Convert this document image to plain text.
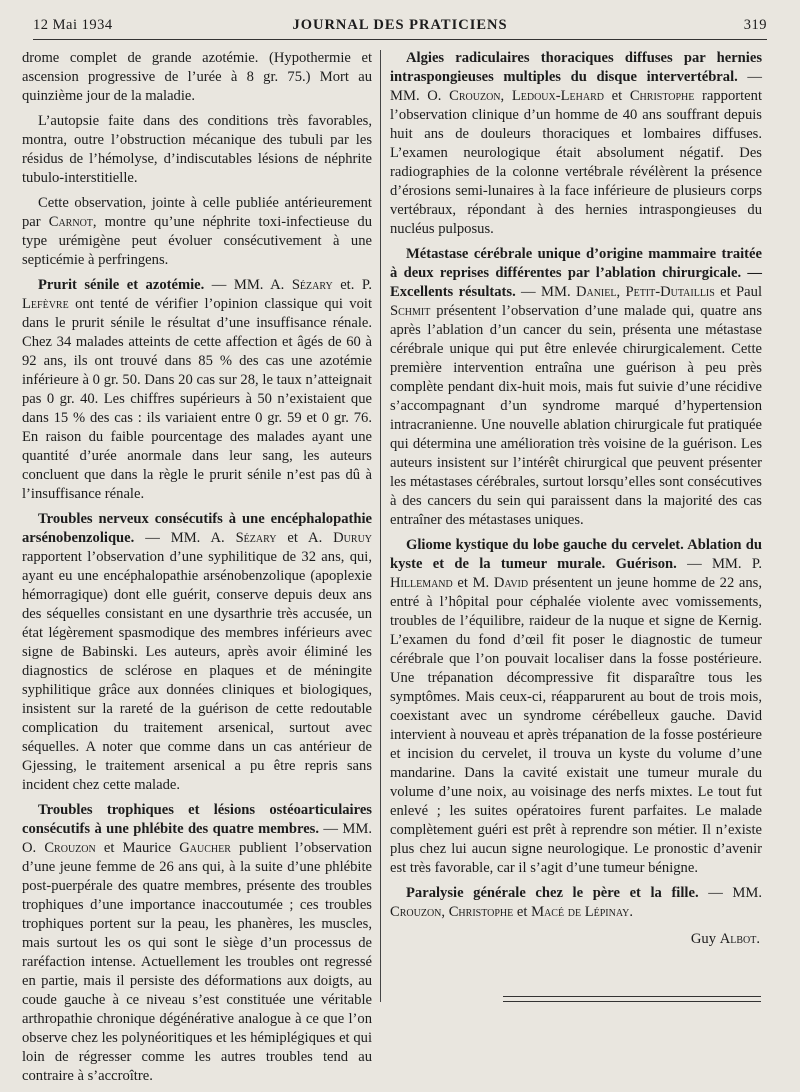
12 Mai 1934	JOURNAL DES PRATICIENS	319

drome complet de grande azotémie. (Hypothermie et ascension progressive de l’urée à 8 gr. 75.) Mort au quinzième jour de la maladie.

L’autopsie faite dans des conditions très favorables, montra, outre l’obstruction mécanique des tubuli par les résidus de l’hémolyse, d’indiscutables lésions de néphrite tubulo-interstitielle.

Cette observation, jointe à celle publiée antérieurement par Carnot, montre qu’une néphrite toxi-infectieuse du type urémigène peut évoluer consécutivement à une septicémie à perfringens.

Prurit sénile et azotémie. — MM. A. Sézary et. P. Lefèvre ont tenté de vérifier l’opinion classique qui voit dans le prurit sénile le résultat d’une insuffisance rénale. Chez 34 malades atteints de cette affection et âgés de 60 à 92 ans, ils ont trouvé dans 85 % des cas une azotémie inférieure à 0 gr. 50. Dans 20 cas sur 28, le taux n’atteignait pas 0 gr. 40. Les chiffres supérieurs à 50 n’existaient que dans 15 % des cas : ils variaient entre 0 gr. 59 et 0 gr. 76. En raison du faible pourcentage des malades ayant une quantité d’urée anormale dans leur sang, les auteurs concluent que dans la règle le prurit sénile n’est pas dû à l’insuffisance rénale.

Troubles nerveux consécutifs à une encéphalopathie arsénobenzolique. — MM. A. Sézary et A. Duruy rapportent l’observation d’une syphilitique de 32 ans, qui, ayant eu une encéphalopathie arsénobenzolique (apoplexie hémorragique) dont elle guérit, conserve depuis deux ans des séquelles consistant en une dysarthrie très accusée, un état légèrement spasmodique des membres inférieurs avec signe de Babinski. Les auteurs, après avoir éliminé les diagnostics de sclérose en plaques et de méningite syphilitique grâce aux données cliniques et biologiques, insistent sur la rareté de la guérison de cette redoutable complication du traitement arsenical, surtout avec séquelles. A noter que comme dans un cas antérieur de Gjessing, le traitement arsenical a pu être repris sans incident chez cette malade.

Troubles trophiques et lésions ostéoarticulaires consécutifs à une phlébite des quatre membres. — MM. O. Crouzon et Maurice Gaucher publient l’observation d’une jeune femme de 26 ans qui, à la suite d’une phlébite post-puerpérale des quatre membres, présente des troubles trophiques d’une importance inaccoutumée ; ces troubles trophiques portent sur la peau, les phanères, les muscles, mais surtout les os qui sont le siège d’un processus de raréfaction intense. Actuellement les troubles ont regressé en partie, mais il persiste des déformations aux doigts, au coude gauche à ce niveau s’est constituée une véritable arthropathie chronique dégénérative analogue à ce que l’on observe chez les polynéoritiques et les hémiplégiques et qui loin de régresser comme les autres troubles tend au contraire à s’accroître.

Algies radiculaires thoraciques diffuses par hernies intraspongieuses multiples du disque intervertébral. — MM. O. Crouzon, Ledoux-Lehard et Christophe rapportent l’observation clinique d’un homme de 40 ans souffrant depuis huit ans de douleurs thoraciques et lombaires diffuses. L’examen neurologique était absolument négatif. Des radiographies de la colonne vertébrale révélèrent la présence d’érosions semi-lunaires à la face inférieure de plusieurs corps vertébraux, répondant à des hernies intraspongieuses du nucléus pulposus.

Métastase cérébrale unique d’origine mammaire traitée à deux reprises différentes par l’ablation chirurgicale. — Excellents résultats. — MM. Daniel, Petit-Dutaillis et Paul Schmit présentent l’observation d’une malade qui, quatre ans après l’ablation d’un cancer du sein, présenta une métastase cérébrale unique qui put être enlevée chirurgicalement. Cette première intervention entraîna une guérison à peu près complète pendant dix-huit mois, mais fut suivie d’une récidive s’accompagnant d’un syndrome marqué d’hypertension intracranienne. Une nouvelle ablation chirurgicale fut pratiquée qui détermina une amélioration très voisine de la guérison. Les auteurs insistent sur l’intérêt chirurgical que peuvent présenter les métastases cérébrales, surtout lorsqu’elles sont consécutives à des cancers du sein qui paraissent dans la majorité des cas entraîner des métastases uniques.

Gliome kystique du lobe gauche du cervelet. Ablation du kyste et de la tumeur murale. Guérison. — MM. P. Hillemand et M. David présentent un jeune homme de 22 ans, entré à l’hôpital pour céphalée violente avec vomissements, troubles de l’équilibre, raideur de la nuque et signe de Kernig. L’examen du fond d’œil fit poser le diagnostic de tumeur cérébrale que l’on pouvait localiser dans la fosse postérieure. Une trépanation décompressive fit disparaître tous les symptômes. Mais ceux-ci, réapparurent au bout de trois mois, coexistant avec un syndrome cérébelleux gauche. David intervient à nouveau et après trépanation de la fosse postérieure et incision du cervelet, il trouva un kyste du volume d’une mandarine. Dans la cavité existait une tumeur murale du volume d’une noix, au voisinage des nerfs mixtes. Le tout fut enlevé ; les suites opératoires furent parfaites. Le malade complètement guéri est prêt à reprendre son métier. Il n’existe plus chez lui aucun signe neurologique. Le pronostic d’avenir est très favorable, car il s’agit d’une tumeur bénigne.

Paralysie générale chez le père et la fille. — MM. Crouzon, Christophe et Macé de Lépinay.

Guy Albot.
